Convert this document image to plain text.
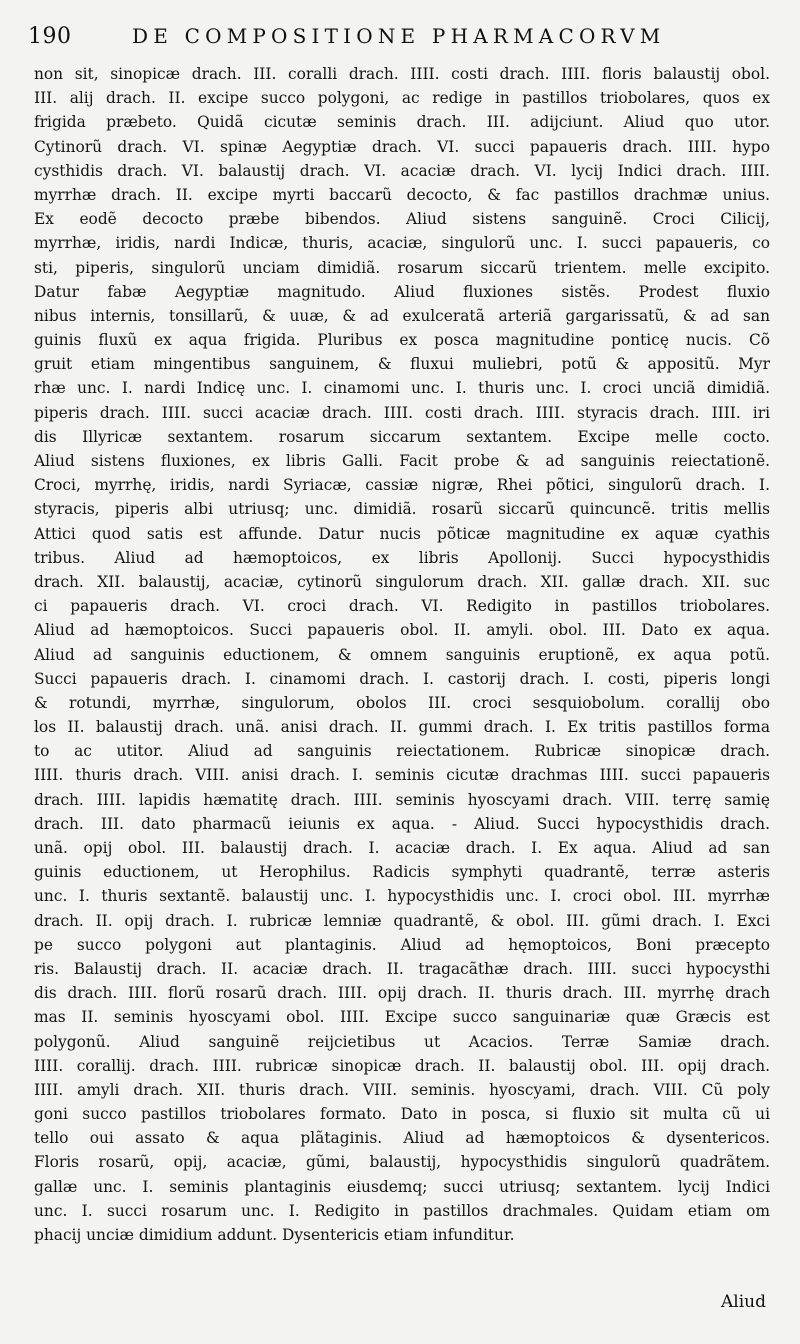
190	DE COMPOSITIONE PHARMACORVM
non sit, sinopicæ drach. III. coralli drach. IIII. costi drach. IIII. floris balaustij obol.
III. alij drach. II. excipe succo polygoni, ac redige in pastillos triobolares, quos ex
frigida præbeto. Quidã cicutæ seminis drach. III. adijciunt. Aliud quo utor.
Cytinorũ drach. VI. spinæ Aegyptiæ drach. VI. succi papaueris drach. IIII. hypo
cysthidis drach. VI. balaustij drach. VI. acaciæ drach. VI. lycij Indici drach. IIII.
myrrhæ drach. II. excipe myrti baccarũ decocto, & fac pastillos drachmæ unius.
Ex eodẽ decocto præbe bibendos. Aliud sistens sanguinẽ. Croci Cilicij,
myrrhæ, iridis, nardi Indicæ, thuris, acaciæ, singulorũ unc. I. succi papaueris, co
sti, piperis, singulorũ unciam dimidiã. rosarum siccarũ trientem. melle excipito.
Datur fabæ Aegyptiæ magnitudo. Aliud fluxiones sistẽs. Prodest fluxio
nibus internis, tonsillarũ, & uuæ, & ad exulceratã arteriã gargarissatũ, & ad san
guinis fluxũ ex aqua frigida. Pluribus ex posca magnitudine ponticę nucis. Cõ
gruit etiam mingentibus sanguinem, & fluxui muliebri, potũ & appositũ. Myr
rhæ unc. I. nardi Indicę unc. I. cinamomi unc. I. thuris unc. I. croci unciã dimidiã.
piperis drach. IIII. succi acaciæ drach. IIII. costi drach. IIII. styracis drach. IIII. iri
dis Illyricæ sextantem. rosarum siccarum sextantem. Excipe melle cocto.
Aliud sistens fluxiones, ex libris Galli. Facit probe & ad sanguinis reiectationẽ.
Croci, myrrhę, iridis, nardi Syriacæ, cassiæ nigræ, Rhei põtici, singulorũ drach. I.
styracis, piperis albi utriusq; unc. dimidiã. rosarũ siccarũ quincuncẽ. tritis mellis
Attici quod satis est affunde. Datur nucis põticæ magnitudine ex aquæ cyathis
tribus. Aliud ad hæmoptoicos, ex libris Apollonij. Succi hypocysthidis
drach. XII. balaustij, acaciæ, cytinorũ singulorum drach. XII. gallæ drach. XII. suc
ci papaueris drach. VI. croci drach. VI. Redigito in pastillos triobolares.
Aliud ad hæmoptoicos. Succi papaueris obol. II. amyli. obol. III. Dato ex aqua.
Aliud ad sanguinis eductionem, & omnem sanguinis eruptionẽ, ex aqua potũ.
Succi papaueris drach. I. cinamomi drach. I. castorij drach. I. costi, piperis longi
& rotundi, myrrhæ, singulorum, obolos III. croci sesquiobolum. corallij obo
los II. balaustij drach. unã. anisi drach. II. gummi drach. I. Ex tritis pastillos forma
to ac utitor. Aliud ad sanguinis reiectationem. Rubricæ sinopicæ drach.
IIII. thuris drach. VIII. anisi drach. I. seminis cicutæ drachmas IIII. succi papaueris
drach. IIII. lapidis hæmatitę drach. IIII. seminis hyoscyami drach. VIII. terrę samię
drach. III. dato pharmacũ ieiunis ex aqua. - Aliud. Succi hypocysthidis drach.
unã. opij obol. III. balaustij drach. I. acaciæ drach. I. Ex aqua. Aliud ad san
guinis eductionem, ut Herophilus. Radicis symphyti quadrantẽ, terræ asteris
unc. I. thuris sextantẽ. balaustij unc. I. hypocysthidis unc. I. croci obol. III. myrrhæ
drach. II. opij drach. I. rubricæ lemniæ quadrantẽ, & obol. III. gũmi drach. I. Exci
pe succo polygoni aut plantaginis. Aliud ad hęmoptoicos, Boni præcepto
ris. Balaustij drach. II. acaciæ drach. II. tragacãthæ drach. IIII. succi hypocysthi
dis drach. IIII. florũ rosarũ drach. IIII. opij drach. II. thuris drach. III. myrrhę drach
mas II. seminis hyoscyami obol. IIII. Excipe succo sanguinariæ quæ Græcis est
polygonũ. Aliud sanguinẽ reijcietibus ut Acacios. Terræ Samiæ drach.
IIII. corallij. drach. IIII. rubricæ sinopicæ drach. II. balaustij obol. III. opij drach.
IIII. amyli drach. XII. thuris drach. VIII. seminis. hyoscyami, drach. VIII. Cũ poly
goni succo pastillos triobolares formato. Dato in posca, si fluxio sit multa cũ ui
tello oui assato & aqua plãtaginis. Aliud ad hæmoptoicos & dysentericos.
Floris rosarũ, opij, acaciæ, gũmi, balaustij, hypocysthidis singulorũ quadrãtem.
gallæ unc. I. seminis plantaginis eiusdemq; succi utriusq; sextantem. lycij Indici
unc. I. succi rosarum unc. I. Redigito in pastillos drachmales. Quidam etiam om
phacij unciæ dimidium addunt. Dysentericis etiam infunditur.
Aliud
